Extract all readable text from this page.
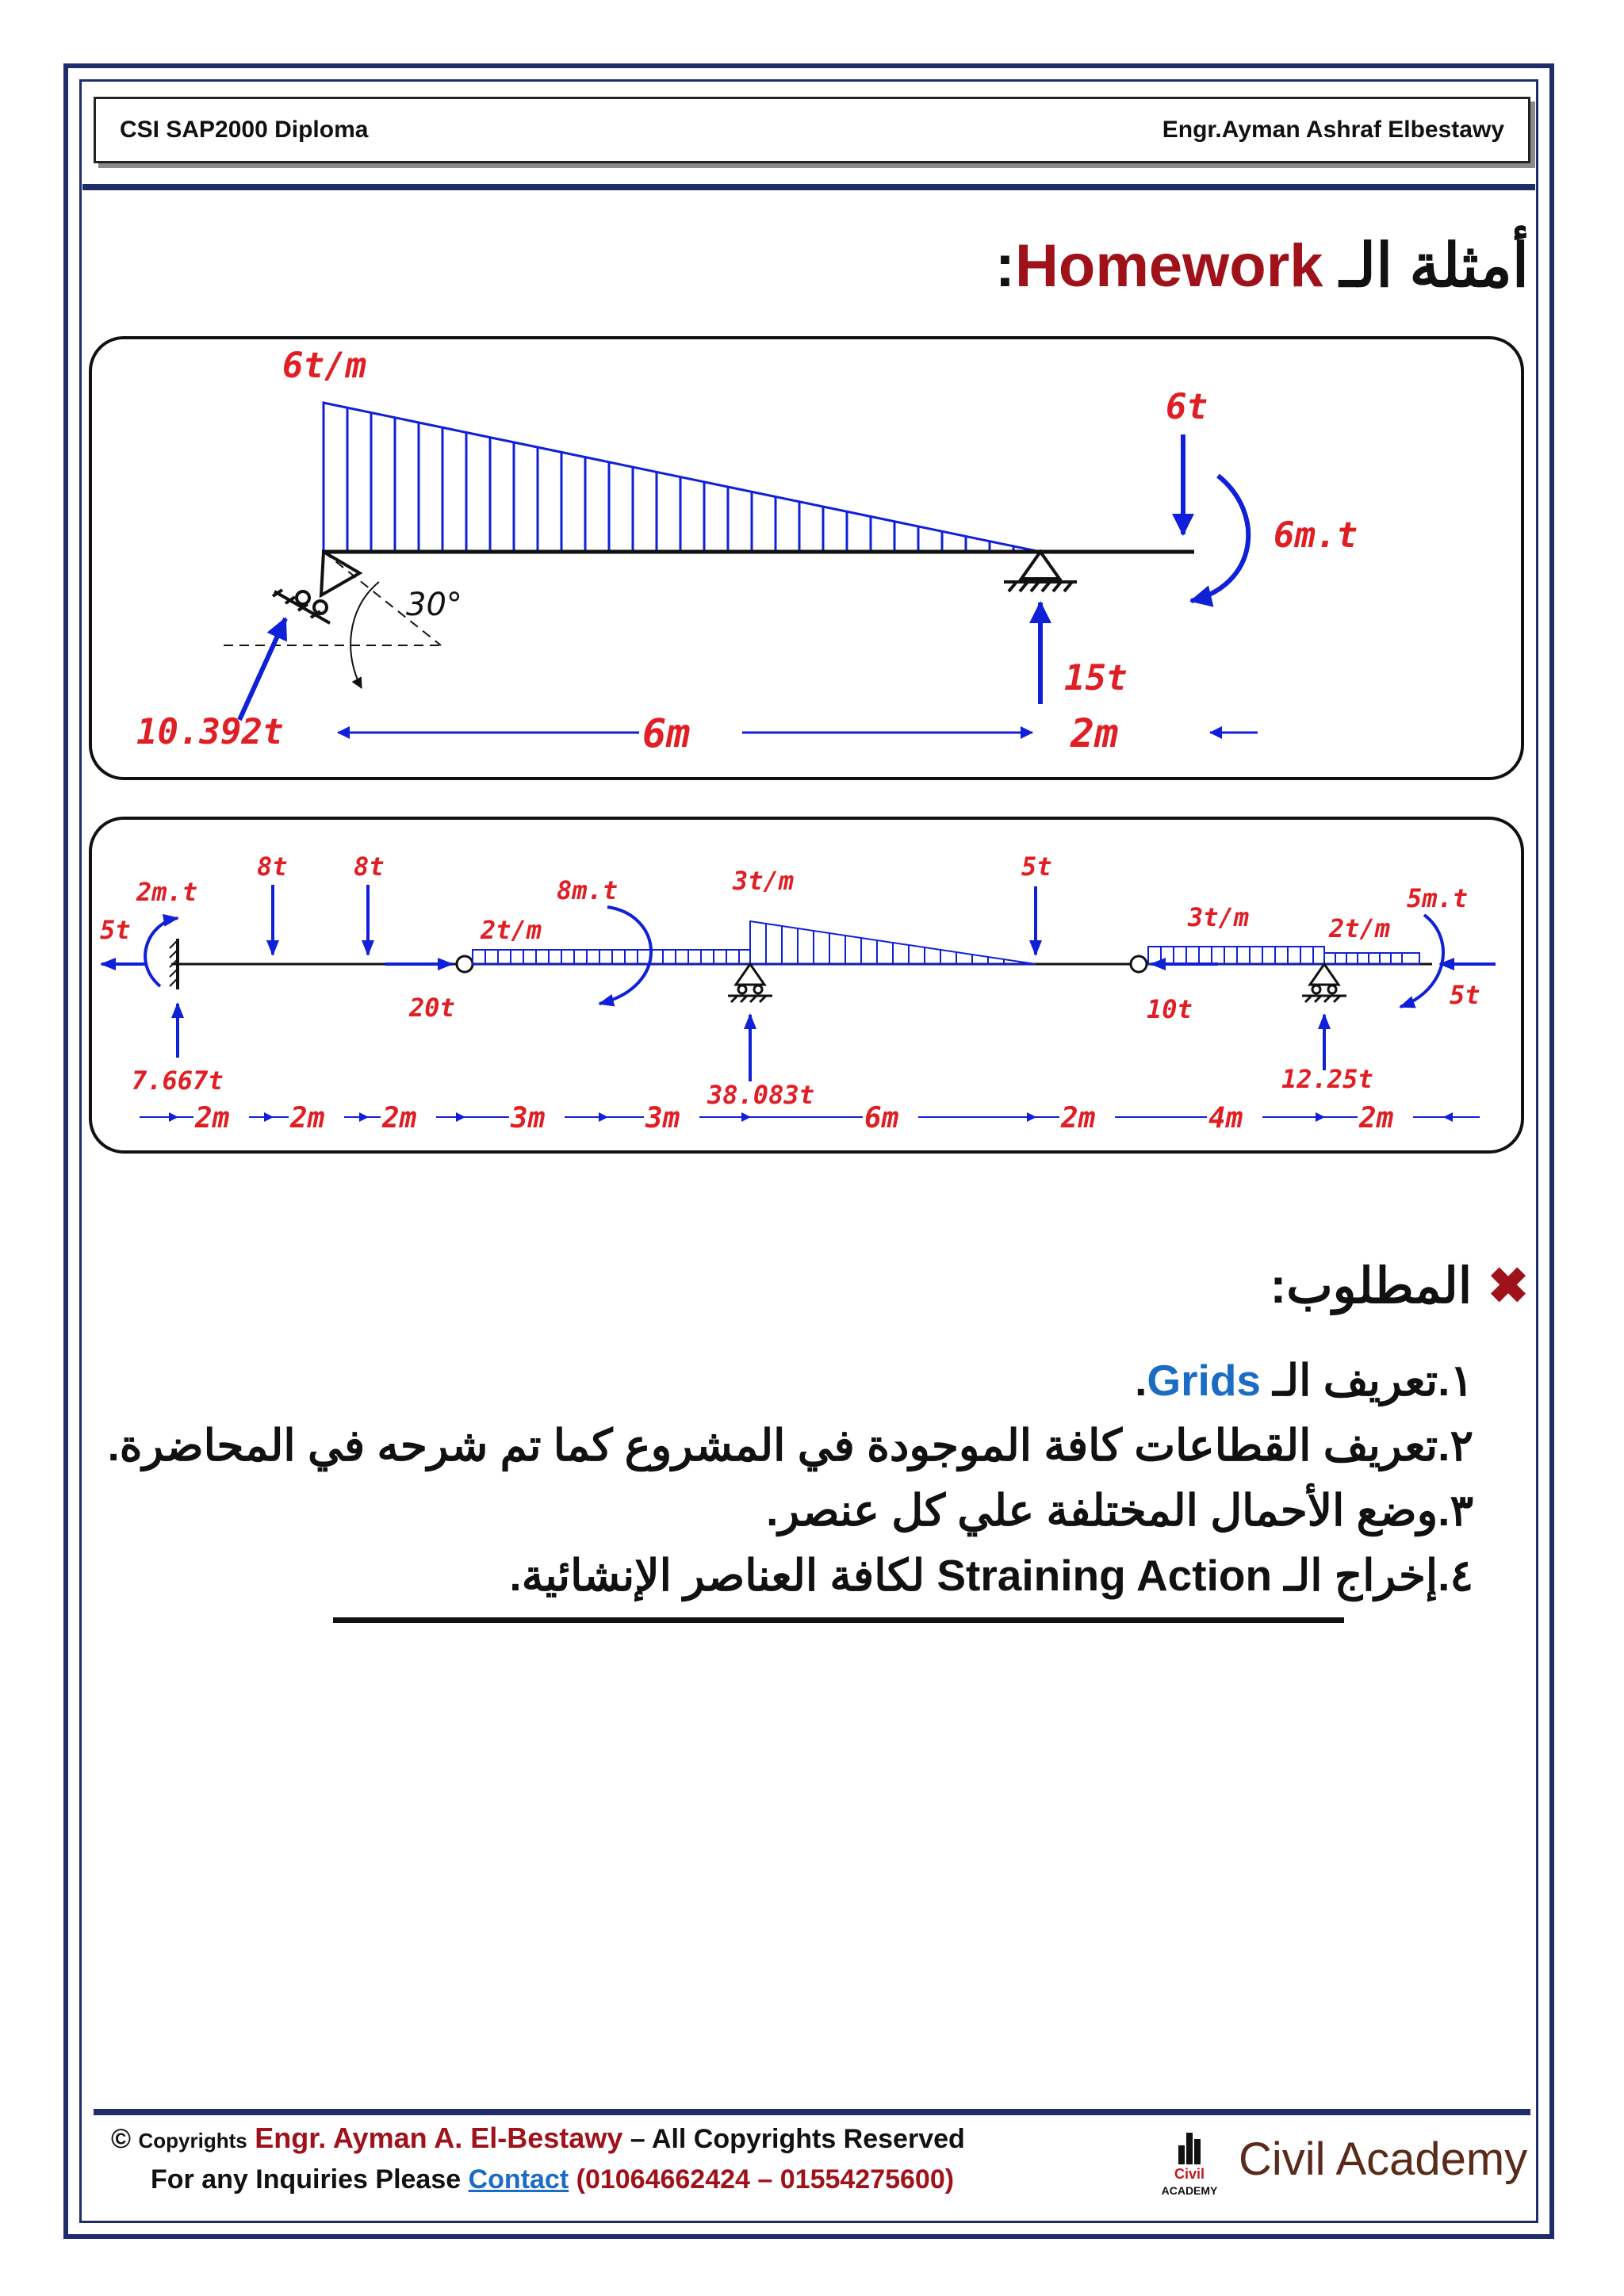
CSI SAP2000 Diploma	Engr.Ayman Ashraf Elbestawy
أمثلة الـ Homework:
30°
10.392t
15t
6t
6m.t
6t/m
6m	2m
5t
2m.t
7.667t
8t	8t
20t
2t/m
8m.t	3t/m
38.083t
5t
10t
3t/m	2t/m
12.25t
5m.t
5t
2m 2m 2m	3m	3m	6m	2m	4m	2m
✖المطلوب:
١.تعريف الـ Grids.
٢.تعريف القطاعات كافة الموجودة في المشروع كما تم شرحه في المحاضرة.
٣.وضع الأحمال المختلفة علي كل عنصر.
٤.إخراج الـ Straining Action لكافة العناصر الإنشائية.
© Copyrights Engr. Ayman A. El-Bestawy – All Copyrights Reserved
For any Inquiries Please Contact (01064662424 – 01554275600)	Civil
ACADEMY
Civil Academy
